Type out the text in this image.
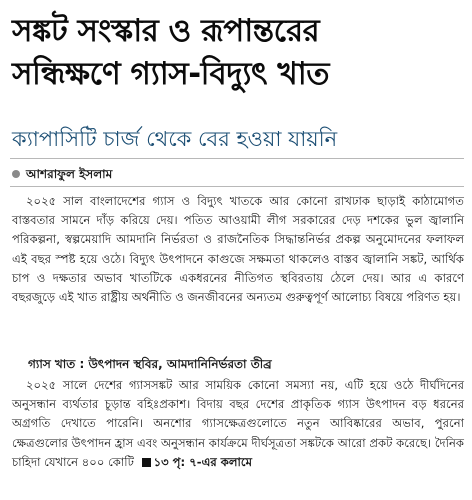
সঙ্কট সংস্কার ও রূপান্তরের
সন্ধিক্ষণে গ্যাস-বিদ্যুৎ খাত
ক্যাপাসিটি চার্জ থেকে বের হওয়া যায়নি
আশরাফুল ইসলাম
২০২৫ সাল বাংলাদেশের গ্যাস ও বিদ্যুৎ খাতকে আর কোনো রাখঢাক ছাড়াই কাঠামোগত বাস্তবতার সামনে দাঁড় করিয়ে দেয়। পতিত আওয়ামী লীগ সরকারের দেড় দশকের ভুল জ্বালানি পরিকল্পনা, স্বল্পমেয়াদি আমদানি নির্ভরতা ও রাজনৈতিক সিদ্ধান্তনির্ভর প্রকল্প অনুমোদনের ফলাফল এই বছর স্পষ্ট হয়ে ওঠে। বিদ্যুৎ উৎপাদনে কাগুজে সক্ষমতা থাকলেও বাস্তব জ্বালানি সঙ্কট, আর্থিক চাপ ও দক্ষতার অভাব খাতটিকে একধরনের নীতিগত স্থবিরতায় ঠেলে দেয়। আর এ কারণে বছরজুড়ে এই খাত রাষ্ট্রীয় অর্থনীতি ও জনজীবনের অন্যতম গুরুত্বপূর্ণ আলোচ্য বিষয়ে পরিণত হয়।
গ্যাস খাত : উৎপাদন স্থবির, আমদানিনির্ভরতা তীব্র
২০২৫ সালে দেশের গ্যাসসঙ্কট আর সাময়িক কোনো সমস্যা নয়, এটি হয়ে ওঠে দীর্ঘদিনের অনুসন্ধান ব্যর্থতার চূড়ান্ত বহিঃপ্রকাশ। বিদায় বছর দেশের প্রাকৃতিক গ্যাস উৎপাদন বড় ধরনের অগ্রগতি দেখাতে পারেনি। অনশোর গ্যাসক্ষেত্রগুলোতে নতুন আবিষ্কারের অভাব, পুরনো ক্ষেত্রগুলোর উৎপাদন হ্রাস এবং অনুসন্ধান কার্যক্রমে দীর্ঘসূত্রতা সঙ্কটকে আরো প্রকট করেছে। দৈনিক চাহিদা যেখানে ৪০০ কোটি ১৩ পৃ: ৭-এর কলামে
